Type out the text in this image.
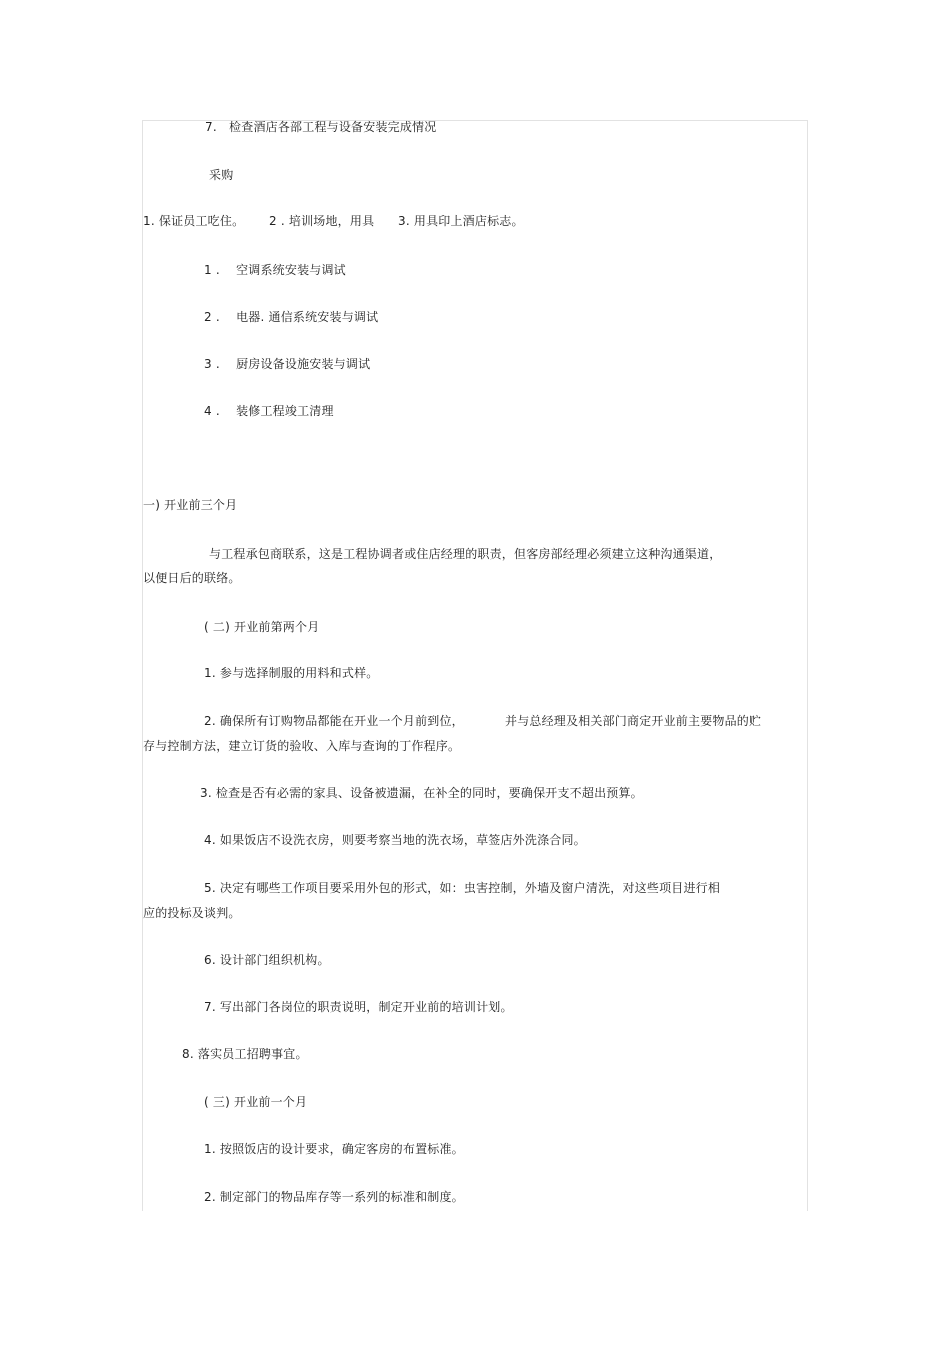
7.　检查酒店各部工程与设备安装完成情况
采购
1. 保证员工吃住。 2 . 培训场地，用具 3. 用具印上酒店标志。
1 .　 空调系统安装与调试
2 .　 电器. 通信系统安装与调试
3 .　 厨房设备设施安装与调试
4 .　 装修工程竣工清理
一) 开业前三个月
与工程承包商联系，这是工程协调者或住店经理的职责，但客房部经理必须建立这种沟通渠道，
以便日后的联络。
( 二) 开业前第两个月
1. 参与选择制服的用料和式样。
2. 确保所有订购物品都能在开业一个月前到位，	并与总经理及相关部门商定开业前主要物品的贮
存与控制方法，建立订货的验收、入库与查询的丁作程序。
3. 检查是否有必需的家具、设备被遗漏，在补全的同时，要确保开支不超出预算。
4. 如果饭店不设洗衣房，则要考察当地的洗衣场，草签店外洗涤合同。
5. 决定有哪些工作项目要采用外包的形式，如：虫害控制，外墙及窗户清洗，对这些项目进行相
应的投标及谈判。
6. 设计部门组织机构。
7. 写出部门各岗位的职责说明，制定开业前的培训计划。
8. 落实员工招聘事宜。
( 三) 开业前一个月
1. 按照饭店的设计要求，确定客房的布置标准。
2. 制定部门的物品库存等一系列的标准和制度。
